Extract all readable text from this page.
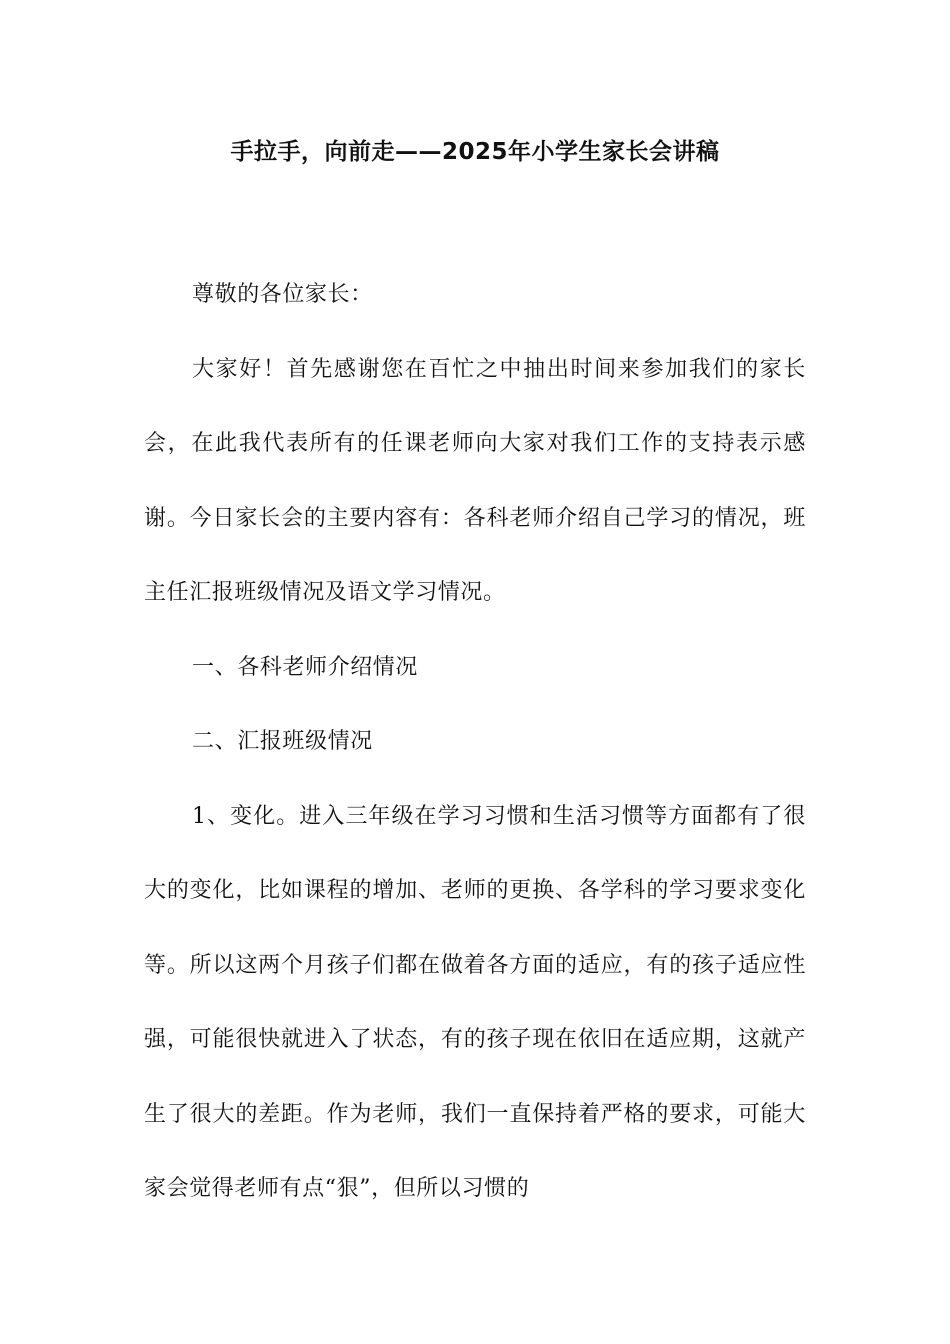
手拉手，向前走——2025年小学生家长会讲稿

尊敬的各位家长：

大家好！首先感谢您在百忙之中抽出时间来参加我们的家长会，在此我代表所有的任课老师向大家对我们工作的支持表示感谢。今日家长会的主要内容有：各科老师介绍自己学习的情况，班主任汇报班级情况及语文学习情况。

一、各科老师介绍情况

二、汇报班级情况

1、变化。进入三年级在学习习惯和生活习惯等方面都有了很大的变化，比如课程的增加、老师的更换、各学科的学习要求变化等。所以这两个月孩子们都在做着各方面的适应，有的孩子适应性强，可能很快就进入了状态，有的孩子现在依旧在适应期，这就产生了很大的差距。作为老师，我们一直保持着严格的要求，可能大家会觉得老师有点“狠”，但所以习惯的
